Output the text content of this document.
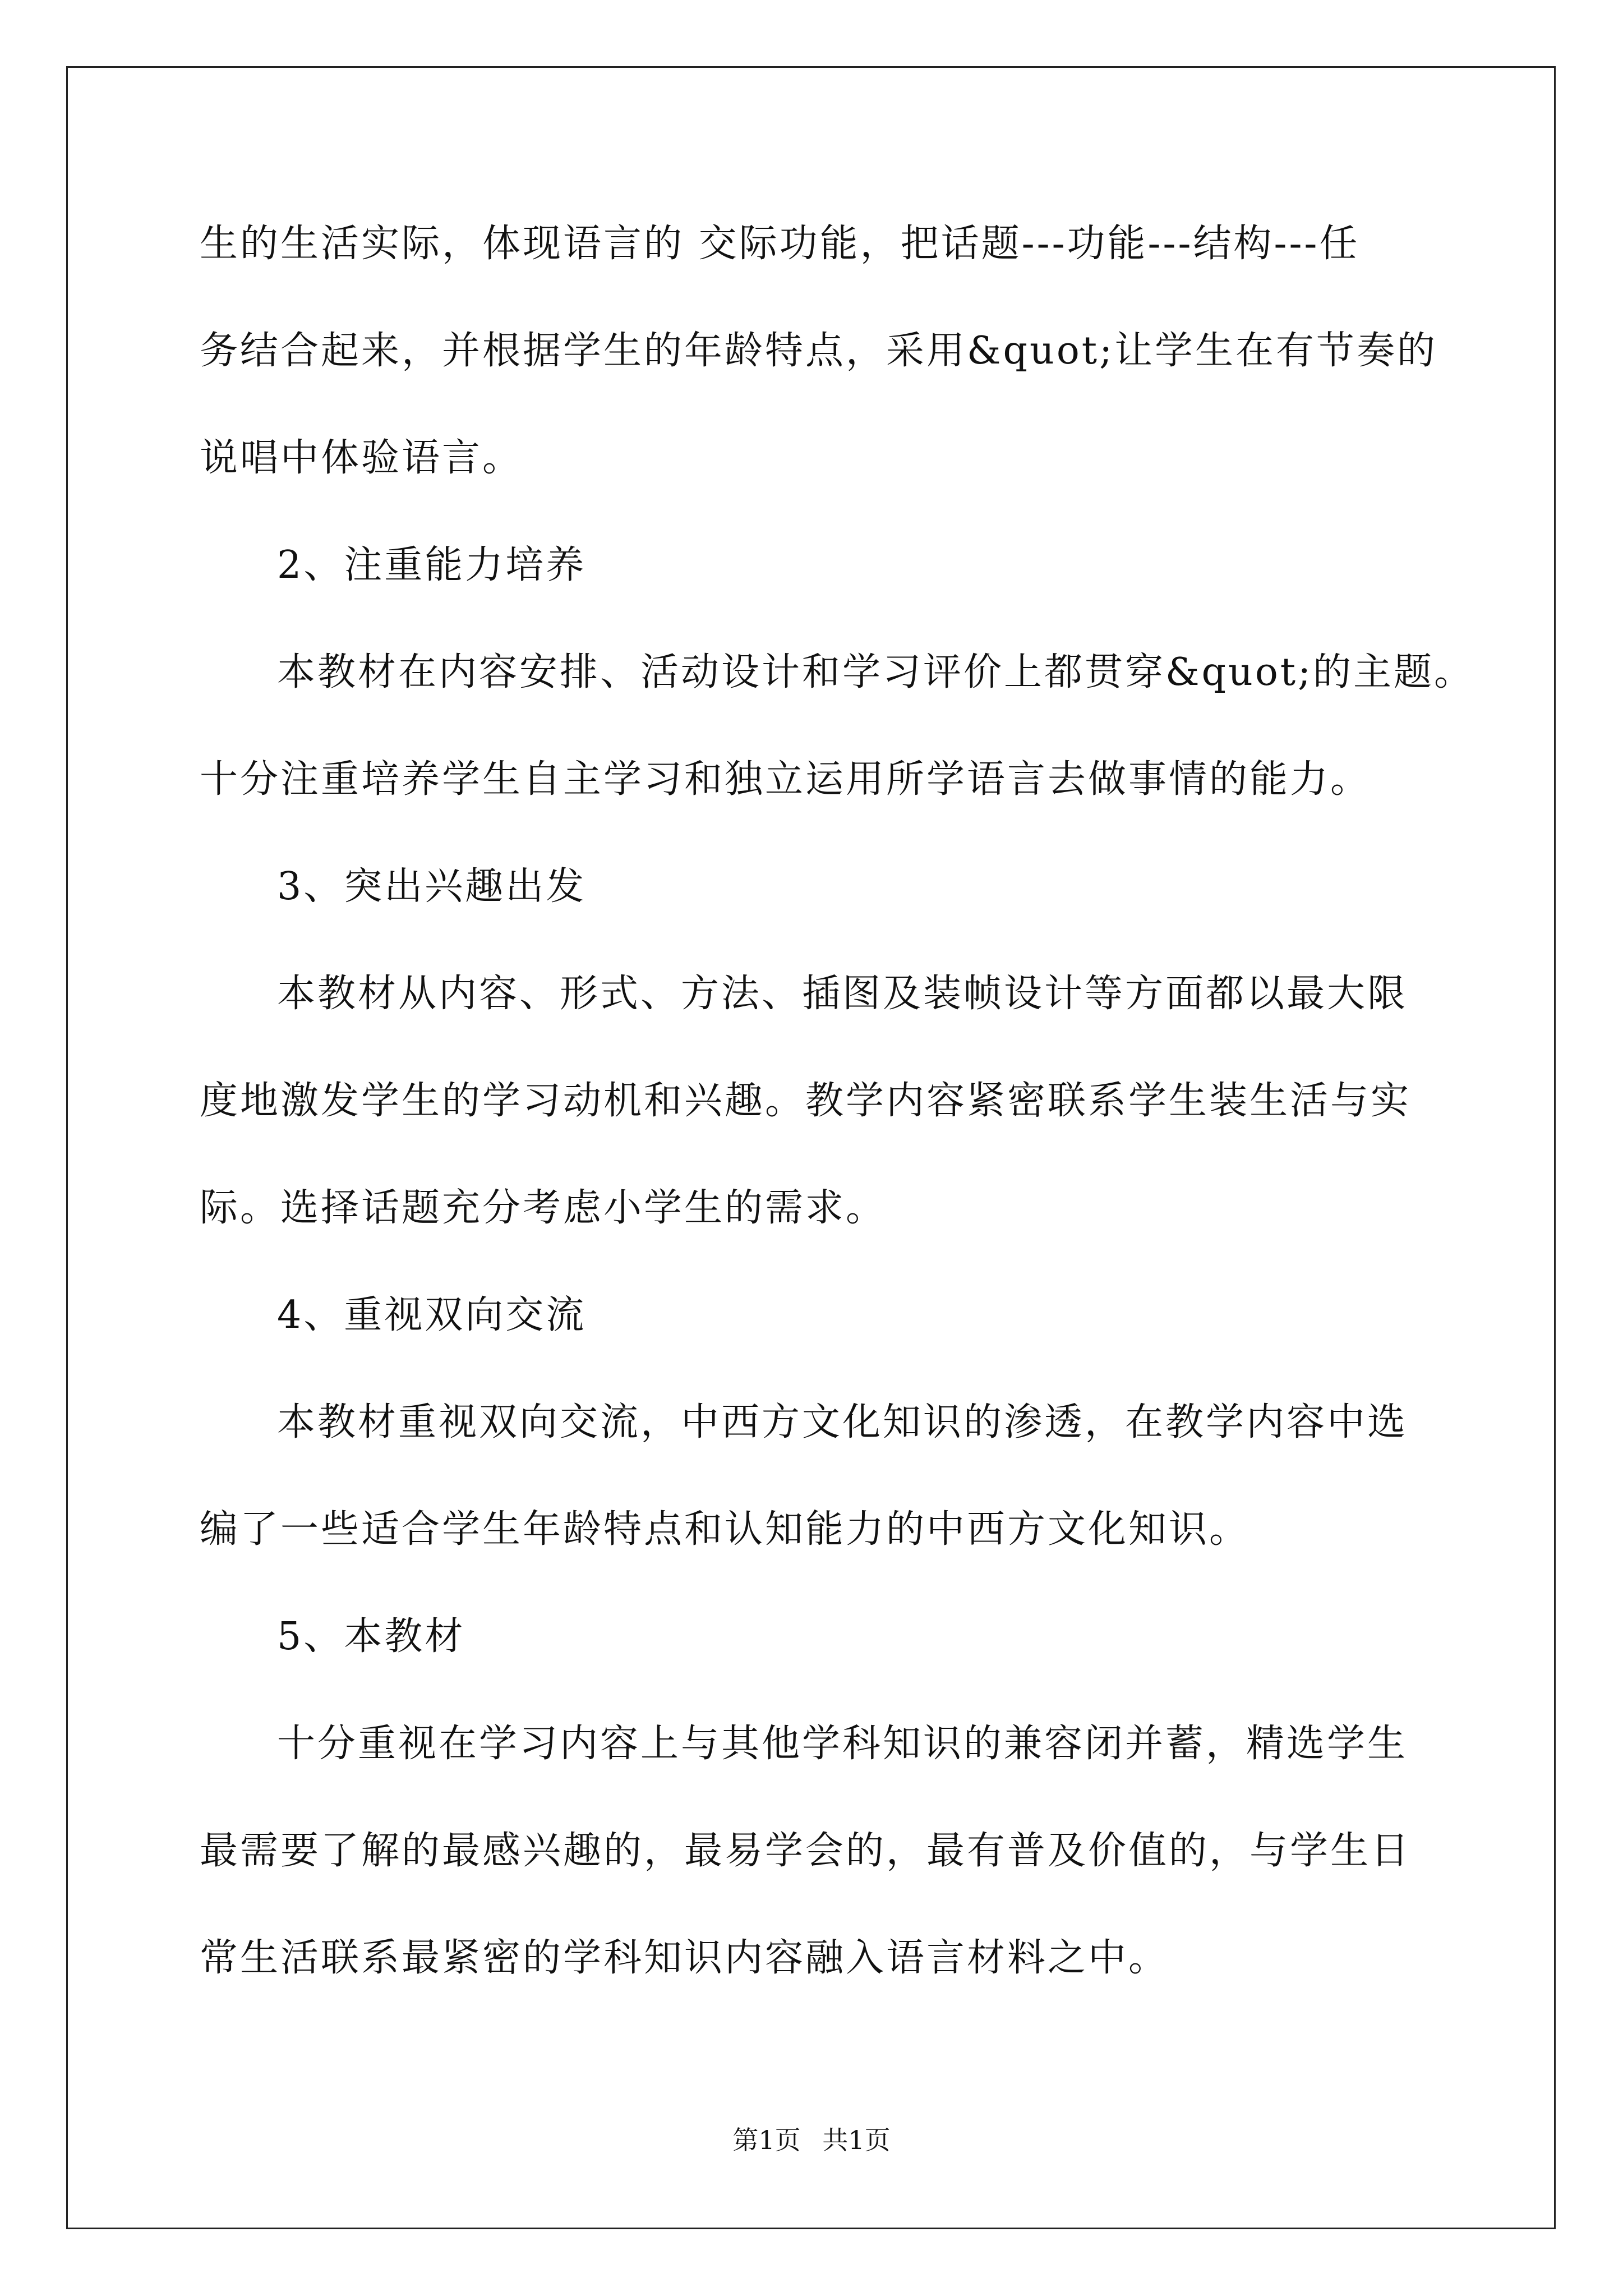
生的生活实际，体现语言的 交际功能，把话题---功能---结构---任

务结合起来，并根据学生的年龄特点，采用&quot;让学生在有节奏的

说唱中体验语言。

2、注重能力培养

本教材在内容安排、活动设计和学习评价上都贯穿&quot;的主题。

十分注重培养学生自主学习和独立运用所学语言去做事情的能力。

3、突出兴趣出发

本教材从内容、形式、方法、插图及装帧设计等方面都以最大限

度地激发学生的学习动机和兴趣。教学内容紧密联系学生装生活与实

际。选择话题充分考虑小学生的需求。

4、重视双向交流

本教材重视双向交流，中西方文化知识的渗透，在教学内容中选

编了一些适合学生年龄特点和认知能力的中西方文化知识。

5、本教材

十分重视在学习内容上与其他学科知识的兼容闭并蓄，精选学生

最需要了解的最感兴趣的，最易学会的，最有普及价值的，与学生日

常生活联系最紧密的学科知识内容融入语言材料之中。

第1页 共1页
